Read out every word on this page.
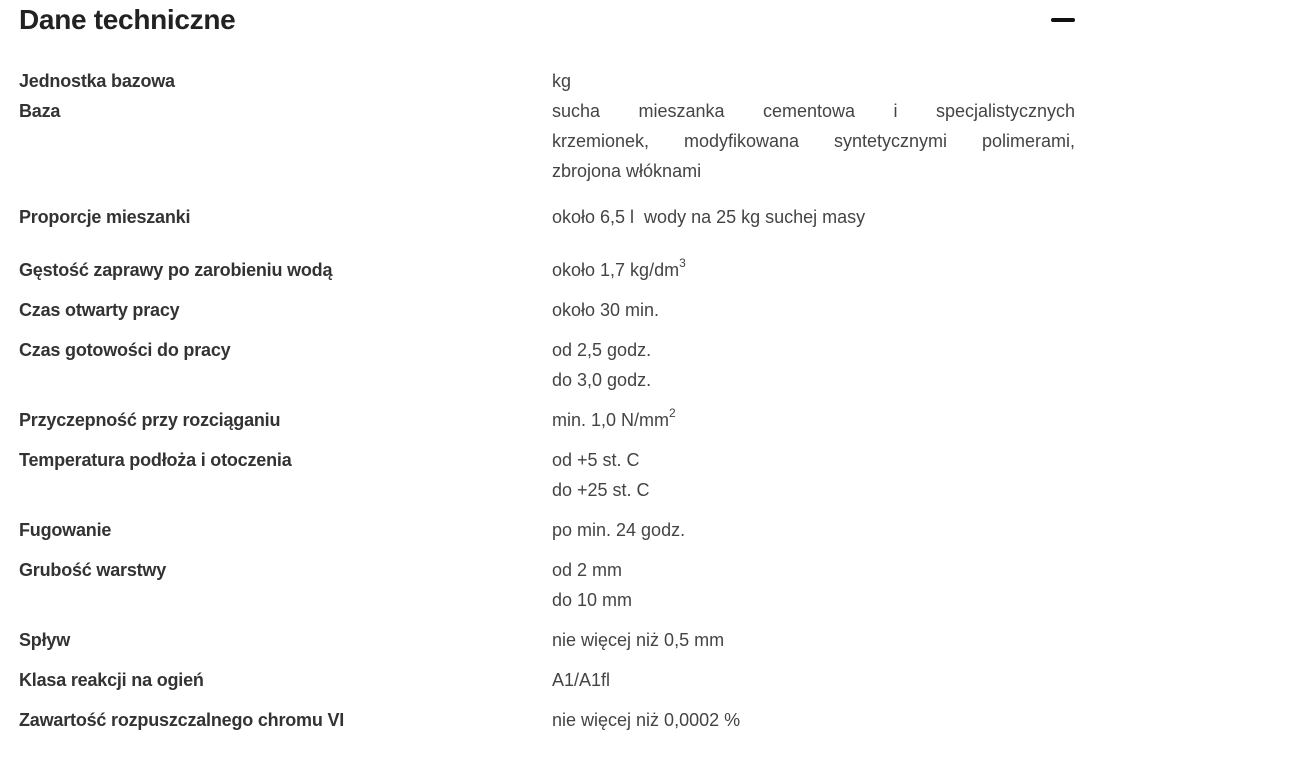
Dane techniczne
Jednostka bazowa	kg
Baza	sucha mieszanka cementowa i specjalistycznych
krzemionek, modyfikowana syntetycznymi polimerami,
zbrojona włóknami
Proporcje mieszanki	około 6,5 l  wody na 25 kg suchej masy
Gęstość zaprawy po zarobieniu wodą	około 1,7 $kg/dm^3$
Czas otwarty pracy	około 30 min.
Czas gotowości do pracy	od 2,5 godz.
do 3,0 godz.
Przyczepność przy rozciąganiu	min. 1,0 $N/mm^2$
Temperatura podłoża i otoczenia	od +5 st. C
do +25 st. C
Fugowanie	po min. 24 godz.
Grubość warstwy	od 2 mm
do 10 mm
Spływ	nie więcej niż 0,5 mm
Klasa reakcji na ogień	A1/A1fl
Zawartość rozpuszczalnego chromu VI	nie więcej niż 0,0002 %
